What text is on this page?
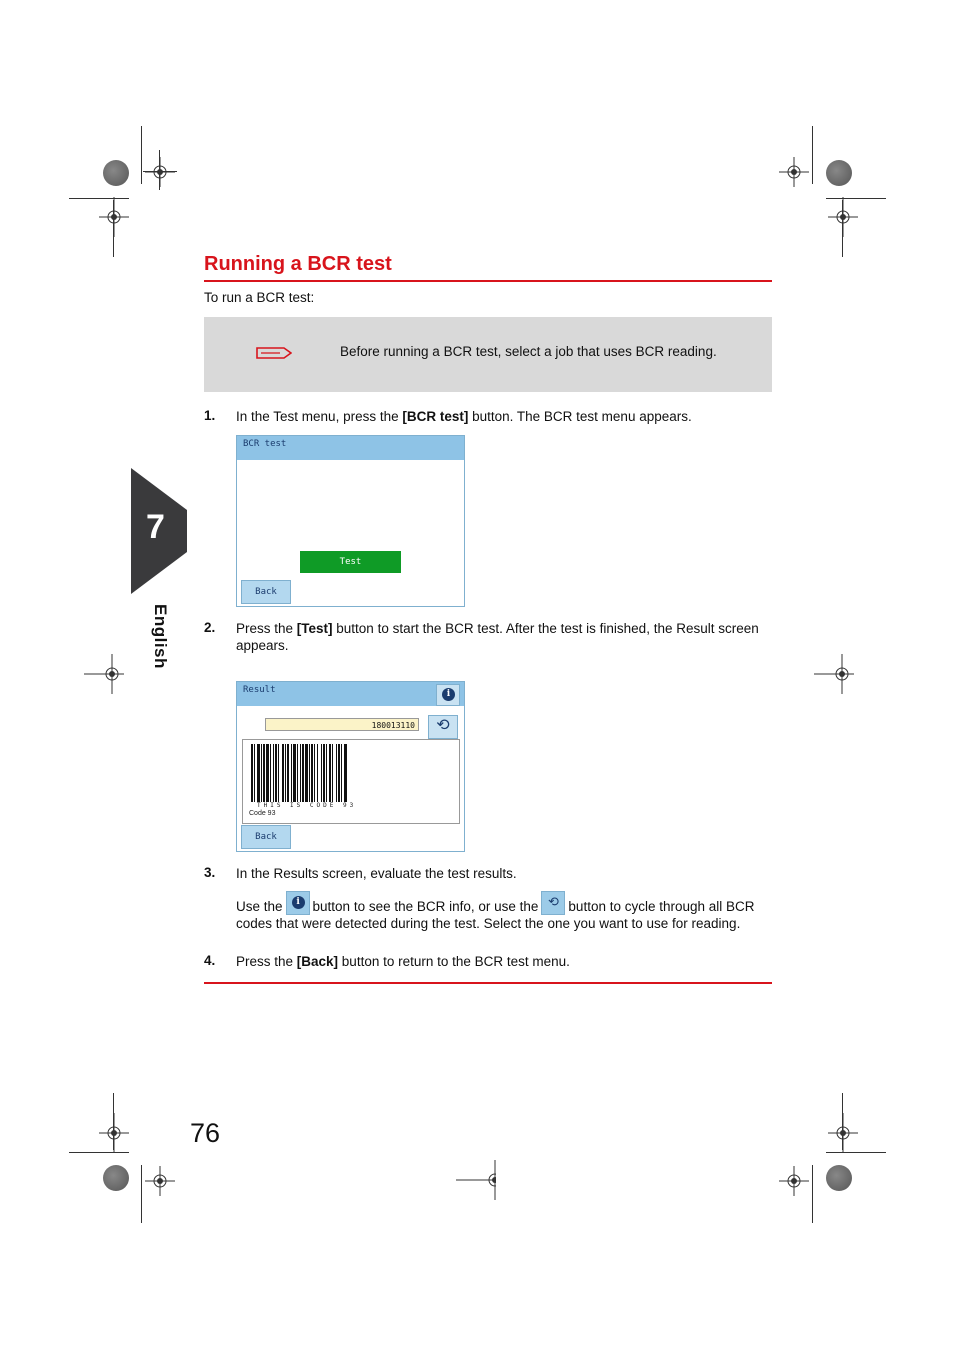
7
English
Running a BCR test
To run a BCR test:
Before running a BCR test, select a job that uses BCR reading.
1. In the Test menu, press the [BCR test] button. The BCR test menu appears.
BCR test
Test
Back
2. Press the [Test] button to start the BCR test. After the test is finished, the Result screen appears.
Result	i
180013110	⟲
THIS IS CODE 93
Code 93
Back
3. In the Results screen, evaluate the test results.
Use the	i button to see the BCR info, or use the ⟲ button to cycle through all BCR codes that were detected during the test. Select the one you want to use for reading.
4. Press the [Back] button to return to the BCR test menu.
76
